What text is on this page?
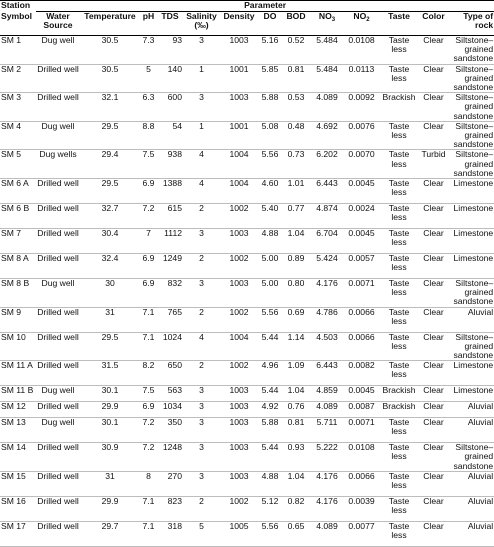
Station	Parameter												
Symbol	Water Source	Temperature	pH	TDS	Salinity (‰)	Density	DO	BOD	$NO_3$	$NO_2$	Taste	Color	Type of rock
SM 1	Dug well	30.5	7.3	93	3	1003	5.16	0.52	5.484	0.0108	Taste less	Clear	Siltstone–grained sandstone
SM 2	Drilled well	30.5	5	140	1	1001	5.85	0.81	5.484	0.0113	Taste less	Clear	Siltstone–grained sandstone
SM 3	Drilled well	32.1	6.3	600	3	1003	5.88	0.53	4.089	0.0092	Brackish	Clear	Siltstone–grained sandstone
SM 4	Dug well	29.5	8.8	54	1	1001	5.08	0.48	4.692	0.0076	Taste less	Clear	Siltstone–grained sandstone
SM 5	Dug wells	29.4	7.5	938	4	1004	5.56	0.73	6.202	0.0070	Taste less	Turbid	Siltstone–grained sandstone
SM 6 A	Drilled well	29.5	6.9	1388	4	1004	4.60	1.01	6.443	0.0045	Taste less	Clear	Limestone
SM 6 B	Drilled well	32.7	7.2	615	2	1002	5.40	0.77	4.874	0.0024	Taste less	Clear	Limestone
SM 7	Drilled well	30.4	7	1112	3	1003	4.88	1.04	6.704	0.0045	Taste less	Clear	Limestone
SM 8 A	Drilled well	32.4	6.9	1249	2	1002	5.00	0.89	5.424	0.0057	Taste less	Clear	Limestone
SM 8 B	Dug well	30	6.9	832	3	1003	5.00	0.80	4.176	0.0071	Taste less	Clear	Siltstone–grained sandstone
SM 9	Drilled well	31	7.1	765	2	1002	5.56	0.69	4.786	0.0066	Taste less	Clear	Aluvial
SM 10	Drilled well	29.5	7.1	1024	4	1004	5.44	1.14	4.503	0.0066	Taste less	Clear	Siltstone–grained sandstone
SM 11 A	Drilled well	31.5	8.2	650	2	1002	4.96	1.09	6.443	0.0082	Taste less	Clear	Limestone
SM 11 B	Dug well	30.1	7.5	563	3	1003	5.44	1.04	4.859	0.0045	Brackish	Clear	Limestone
SM 12	Drilled well	29.9	6.9	1034	3	1003	4.92	0.76	4.089	0.0087	Brackish	Clear	Aluvial
SM 13	Dug well	30.1	7.2	350	3	1003	5.88	0.81	5.711	0.0071	Taste less	Clear	Aluvial
SM 14	Drilled well	30.9	7.2	1248	3	1003	5.44	0.93	5.222	0.0108	Taste less	Clear	Siltstone–grained sandstone
SM 15	Drilled well	31	8	270	3	1003	4.88	1.04	4.176	0.0066	Taste less	Clear	Aluvial
SM 16	Drilled well	29.9	7.1	823	2	1002	5.12	0.82	4.176	0.0039	Taste less	Clear	Aluvial
SM 17	Drilled well	29.7	7.1	318	5	1005	5.56	0.65	4.089	0.0077	Taste less	Clear	Aluvial
